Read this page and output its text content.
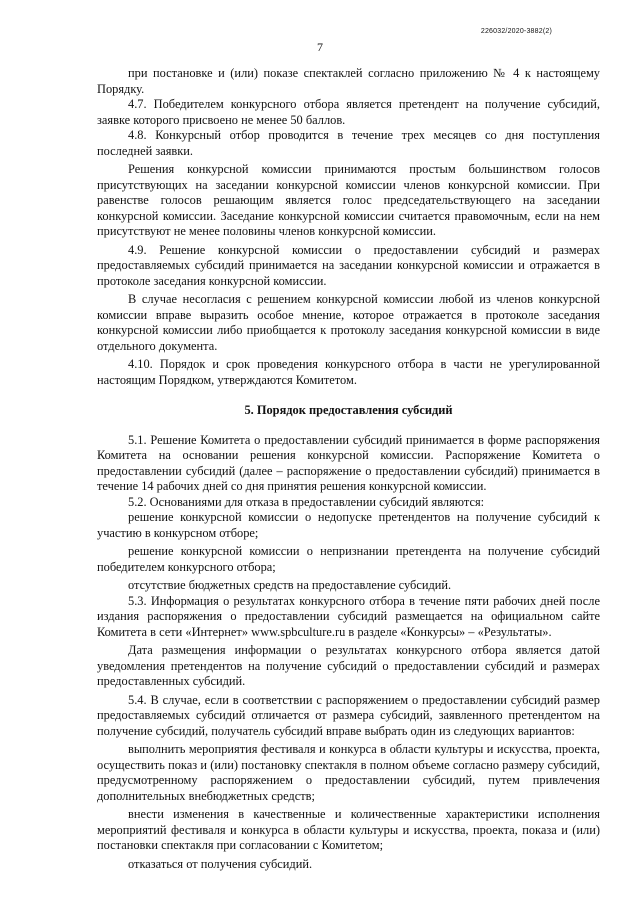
226032/2020-3882(2)
7

при постановке и (или) показе спектаклей согласно приложению № 4 к настоящему Порядку.

4.7. Победителем конкурсного отбора является претендент на получение субсидий, заявке которого присвоено не менее 50 баллов.

4.8. Конкурсный отбор проводится в течение трех месяцев со дня поступления последней заявки.

Решения конкурсной комиссии принимаются простым большинством голосов присутствующих на заседании конкурсной комиссии членов конкурсной комиссии. При равенстве голосов решающим является голос председательствующего на заседании конкурсной комиссии. Заседание конкурсной комиссии считается правомочным, если на нем присутствуют не менее половины членов конкурсной комиссии.

4.9. Решение конкурсной комиссии о предоставлении субсидий и размерах предоставляемых субсидий принимается на заседании конкурсной комиссии и отражается в протоколе заседания конкурсной комиссии.

В случае несогласия с решением конкурсной комиссии любой из членов конкурсной комиссии вправе выразить особое мнение, которое отражается в протоколе заседания конкурсной комиссии либо приобщается к протоколу заседания конкурсной комиссии в виде отдельного документа.

4.10. Порядок и срок проведения конкурсного отбора в части не урегулированной настоящим Порядком, утверждаются Комитетом.

5. Порядок предоставления субсидий

5.1. Решение Комитета о предоставлении субсидий принимается в форме распоряжения Комитета на основании решения конкурсной комиссии. Распоряжение Комитета о предоставлении субсидий (далее – распоряжение о предоставлении субсидий) принимается в течение 14 рабочих дней со дня принятия решения конкурсной комиссии.

5.2. Основаниями для отказа в предоставлении субсидий являются:

решение конкурсной комиссии о недопуске претендентов на получение субсидий к участию в конкурсном отборе;

решение конкурсной комиссии о непризнании претендента на получение субсидий победителем конкурсного отбора;

отсутствие бюджетных средств на предоставление субсидий.

5.3. Информация о результатах конкурсного отбора в течение пяти рабочих дней после издания распоряжения о предоставлении субсидий размещается на официальном сайте Комитета в сети «Интернет» www.spbculture.ru в разделе «Конкурсы» – «Результаты».

Дата размещения информации о результатах конкурсного отбора является датой уведомления претендентов на получение субсидий о предоставлении субсидий и размерах предоставленных субсидий.

5.4. В случае, если в соответствии с распоряжением о предоставлении субсидий размер предоставляемых субсидий отличается от размера субсидий, заявленного претендентом на получение субсидий, получатель субсидий вправе выбрать один из следующих вариантов:

выполнить мероприятия фестиваля и конкурса в области культуры и искусства, проекта, осуществить показ и (или) постановку спектакля в полном объеме согласно размеру субсидий, предусмотренному распоряжением о предоставлении субсидий, путем привлечения дополнительных внебюджетных средств;

внести изменения в качественные и количественные характеристики исполнения мероприятий фестиваля и конкурса в области культуры и искусства, проекта, показа и (или) постановки спектакля при согласовании с Комитетом;

отказаться от получения субсидий.
